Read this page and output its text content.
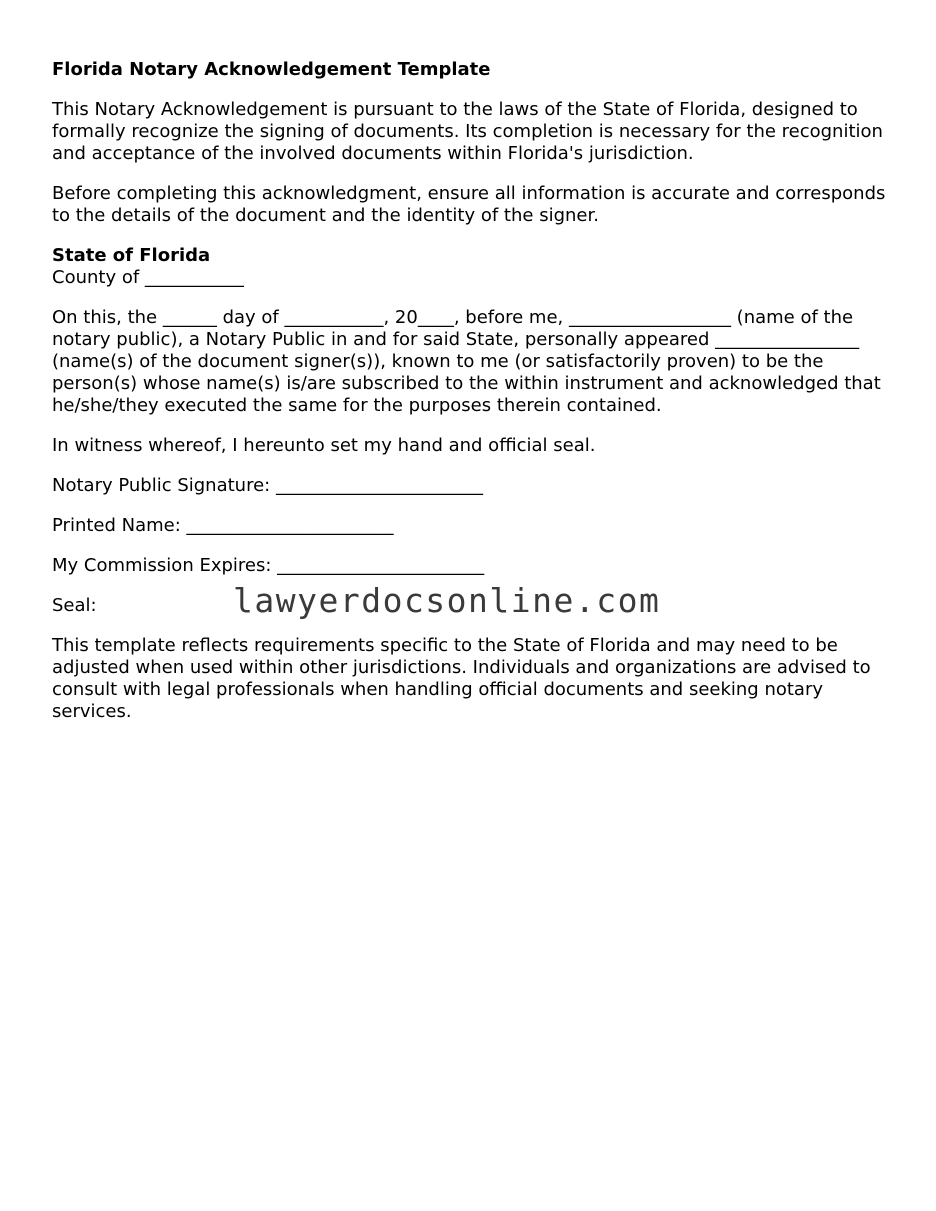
Florida Notary Acknowledgement Template

This Notary Acknowledgement is pursuant to the laws of the State of Florida, designed to formally recognize the signing of documents. Its completion is necessary for the recognition and acceptance of the involved documents within Florida's jurisdiction.

Before completing this acknowledgment, ensure all information is accurate and corresponds to the details of the document and the identity of the signer.

State of Florida
County of ___________

On this, the ______ day of ___________, 20____, before me, __________________ (name of the notary public), a Notary Public in and for said State, personally appeared ________________ (name(s) of the document signer(s)), known to me (or satisfactorily proven) to be the person(s) whose name(s) is/are subscribed to the within instrument and acknowledged that he/she/they executed the same for the purposes therein contained.

In witness whereof, I hereunto set my hand and official seal.

Notary Public Signature: _______________________

Printed Name: _______________________

My Commission Expires: _______________________

Seal:	lawyerdocsonline.com

This template reflects requirements specific to the State of Florida and may need to be adjusted when used within other jurisdictions. Individuals and organizations are advised to consult with legal professionals when handling official documents and seeking notary services.
